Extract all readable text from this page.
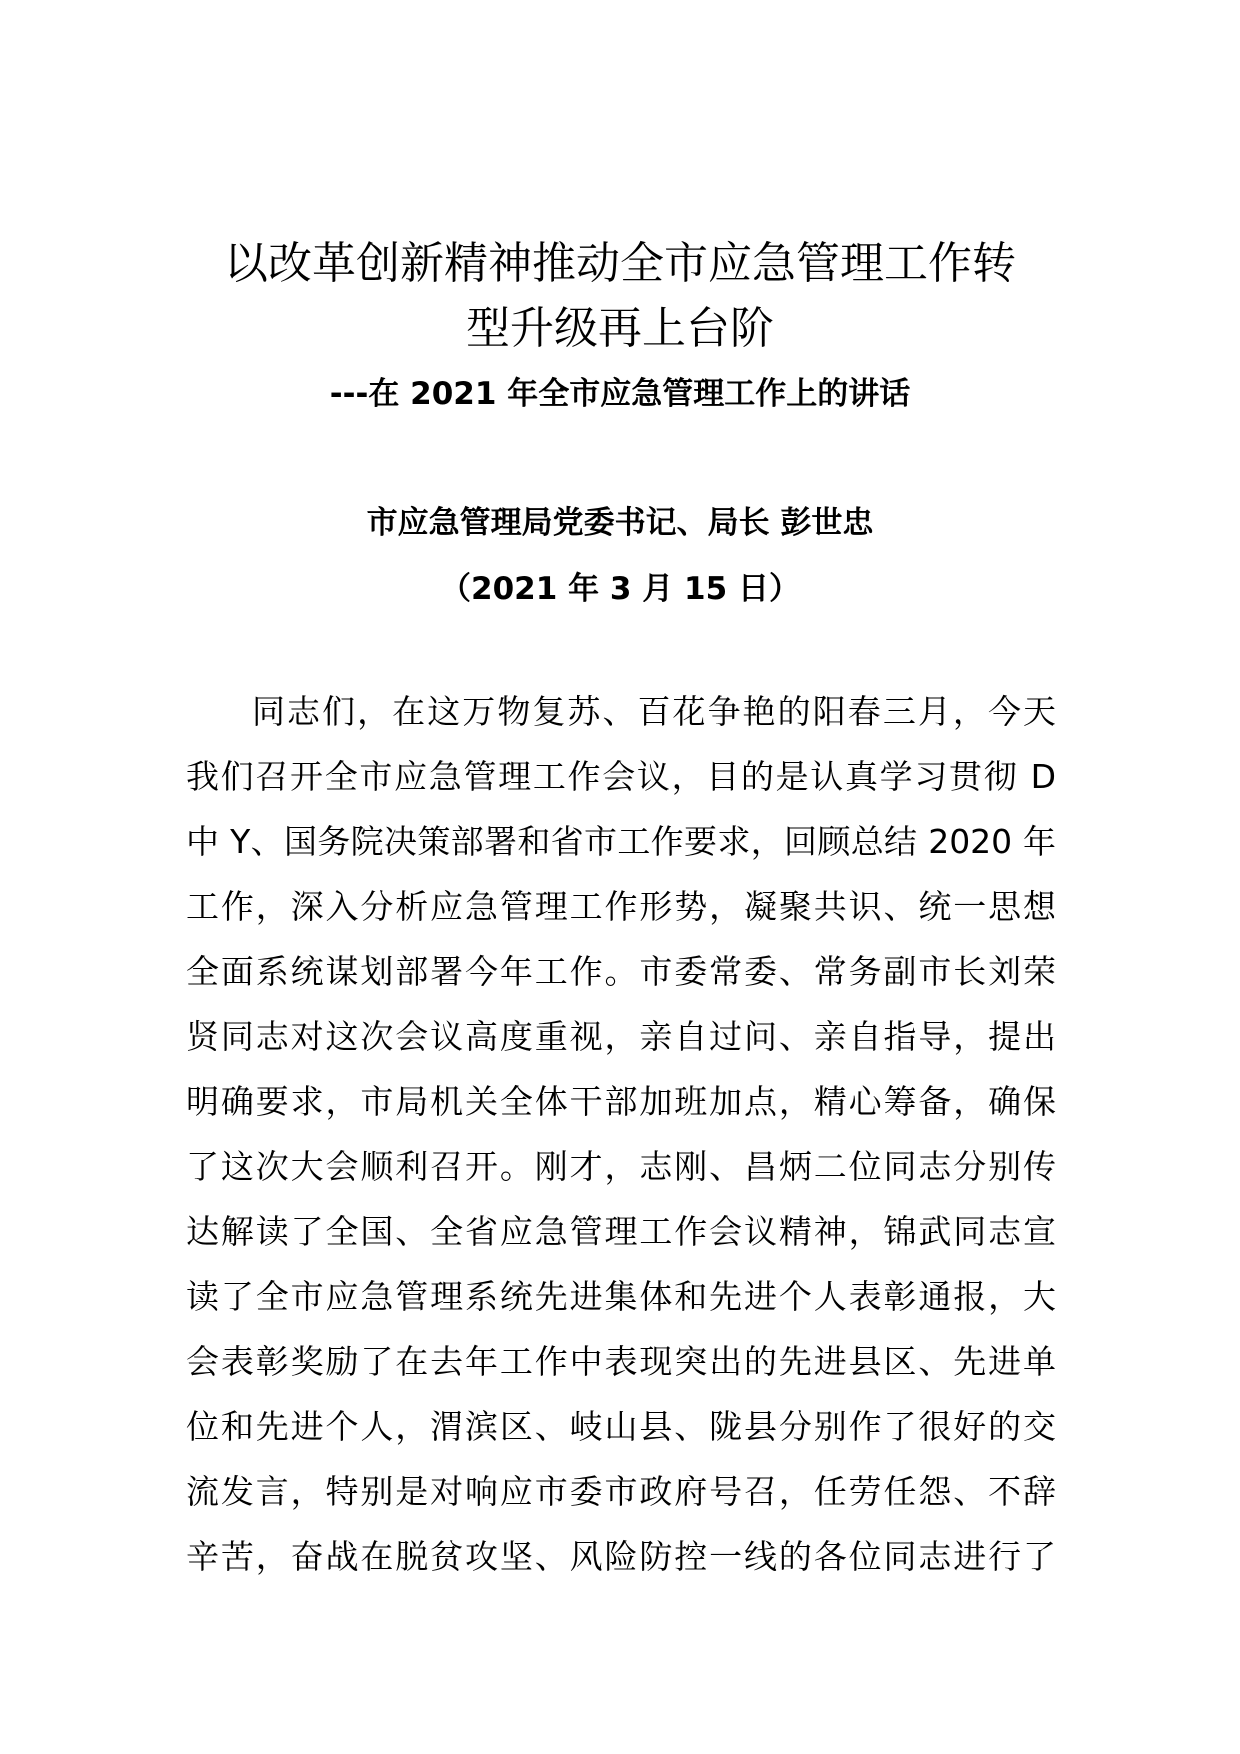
以改革创新精神推动全市应急管理工作转
型升级再上台阶
---在 2021 年全市应急管理工作上的讲话
市应急管理局党委书记、局长 彭世忠
（2021 年 3 月 15 日）
同志们，在这万物复苏、百花争艳的阳春三月，今天
我们召开全市应急管理工作会议，目的是认真学习贯彻 D
中 Y、国务院决策部署和省市工作要求，回顾总结 2020 年
工作，深入分析应急管理工作形势，凝聚共识、统一思想
全面系统谋划部署今年工作。市委常委、常务副市长刘荣
贤同志对这次会议高度重视，亲自过问、亲自指导，提出
明确要求，市局机关全体干部加班加点，精心筹备，确保
了这次大会顺利召开。刚才，志刚、昌炳二位同志分别传
达解读了全国、全省应急管理工作会议精神，锦武同志宣
读了全市应急管理系统先进集体和先进个人表彰通报，大
会表彰奖励了在去年工作中表现突出的先进县区、先进单
位和先进个人，渭滨区、岐山县、陇县分别作了很好的交
流发言，特别是对响应市委市政府号召，任劳任怨、不辞
辛苦，奋战在脱贫攻坚、风险防控一线的各位同志进行了
